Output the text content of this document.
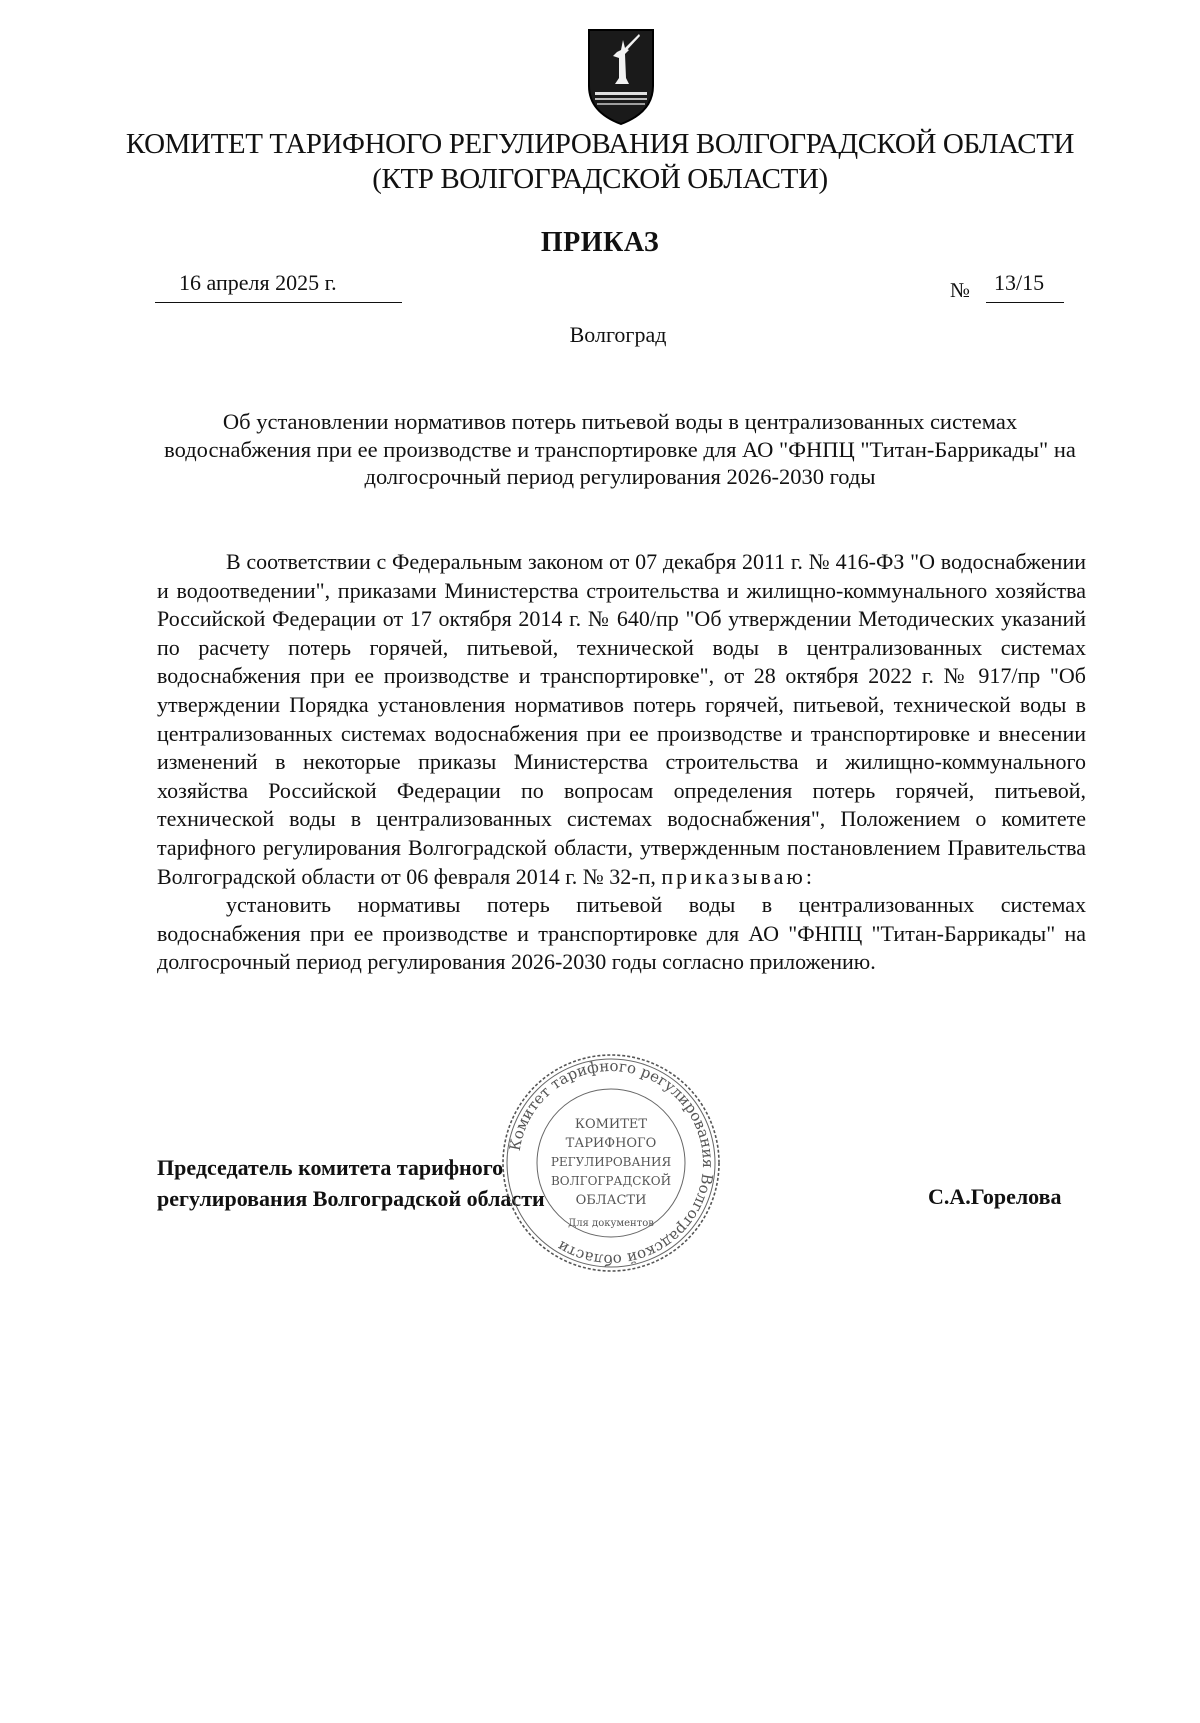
КОМИТЕТ ТАРИФНОГО РЕГУЛИРОВАНИЯ ВОЛГОГРАДСКОЙ ОБЛАСТИ
(КТР ВОЛГОГРАДСКОЙ ОБЛАСТИ)
ПРИКАЗ
16 апреля 2025 г.	№	13/15
Волгоград
Об установлении нормативов потерь питьевой воды в централизованных системах водоснабжения при ее производстве и транспортировке для АО "ФНПЦ "Титан-Баррикады" на долгосрочный период регулирования 2026-2030 годы

В соответствии с Федеральным законом от 07 декабря 2011 г. № 416-ФЗ "О водоснабжении и водоотведении", приказами Министерства строительства и жилищно-коммунального хозяйства Российской Федерации от 17 октября 2014 г. № 640/пр "Об утверждении Методических указаний по расчету потерь горячей, питьевой, технической воды в централизованных системах водоснабжения при ее производстве и транспортировке", от 28 октября 2022 г. № 917/пр "Об утверждении Порядка установления нормативов потерь горячей, питьевой, технической воды в централизованных системах водоснабжения при ее производстве и транспортировке и внесении изменений в некоторые приказы Министерства строительства и жилищно-коммунального хозяйства Российской Федерации по вопросам определения потерь горячей, питьевой, технической воды в централизованных системах водоснабжения", Положением о комитете тарифного регулирования Волгоградской области, утвержденным постановлением Правительства Волгоградской области от 06 февраля 2014 г. № 32-п, приказываю:

установить нормативы потерь питьевой воды в централизованных системах водоснабжения при ее производстве и транспортировке для АО "ФНПЦ "Титан-Баррикады" на долгосрочный период регулирования 2026-2030 годы согласно приложению.

Председатель комитета тарифного
регулирования Волгоградской области	С.А.Горелова
Комитет тарифного регулирования Волгоградской области
КОМИТЕТ
ТАРИФНОГО
РЕГУЛИРОВАНИЯ
ВОЛГОГРАДСКОЙ
ОБЛАСТИ
Для документов
